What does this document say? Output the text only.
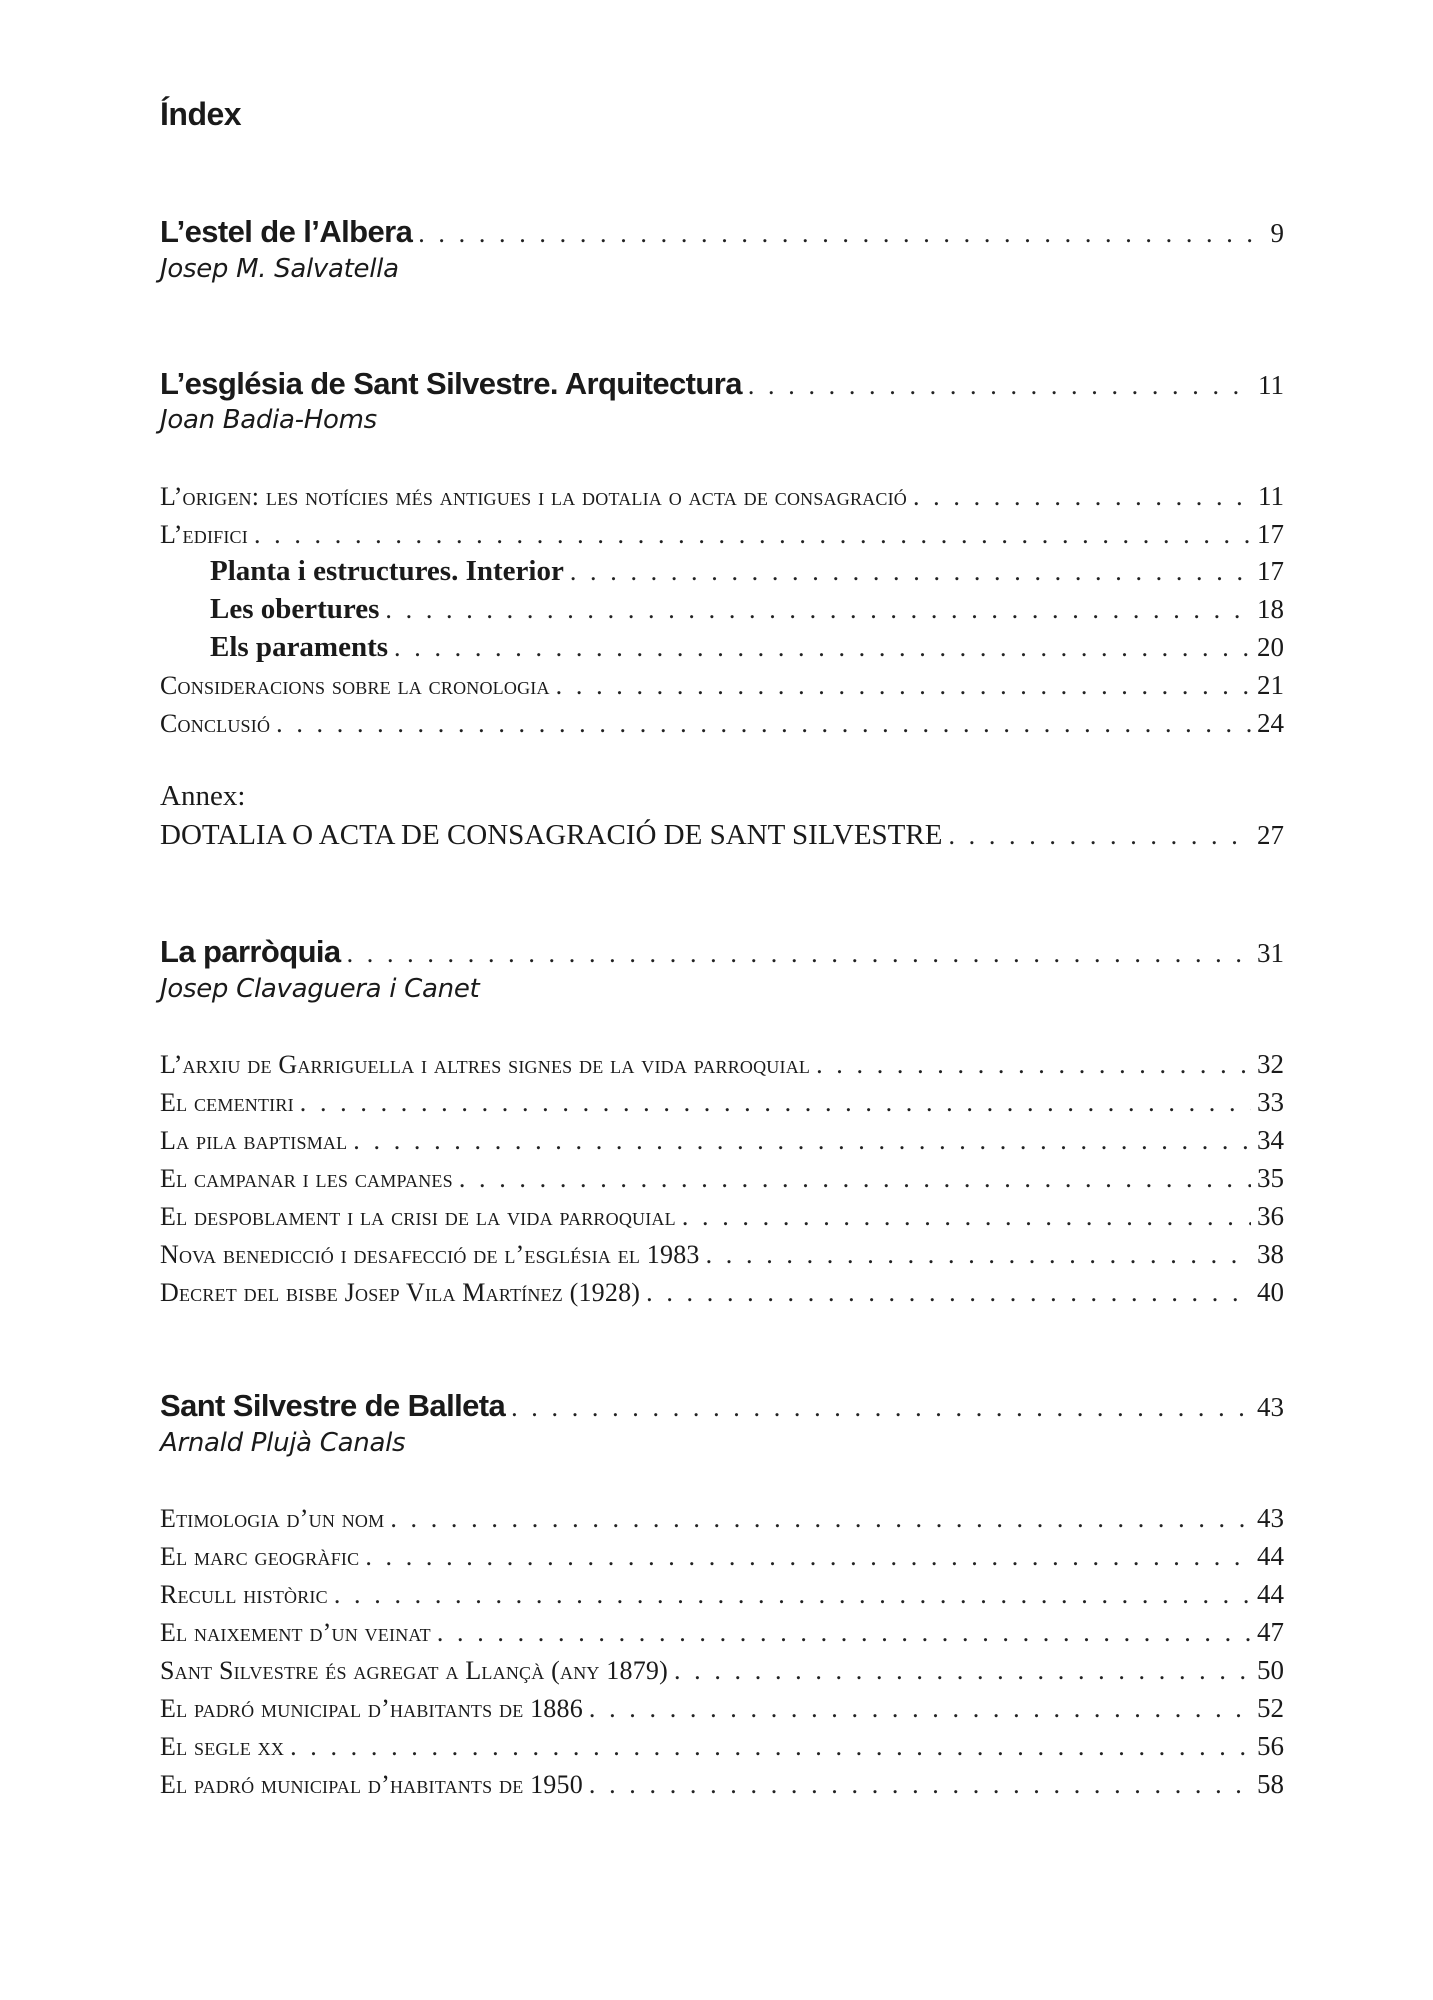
Índex
L’estel de l’Albera . . .	9
Josep M. Salvatella
L’església de Sant Silvestre. Arquitectura . . .	11
Joan Badia-Homs
L’origen: les notícies més antigues i la dotalia o acta de consagració . . .	11
L’edifici . . .	17
Planta i estructures. Interior . . .	17
Les obertures . . .	18
Els paraments . . .	20
Consideracions sobre la cronologia . . .	21
Conclusió . . .	24
Annex:
DOTALIA O ACTA DE CONSAGRACIÓ DE SANT SILVESTRE . . .	27
La parròquia . . .	31
Josep Clavaguera i Canet
L’arxiu de Garriguella i altres signes de la vida parroquial . . .	32
El cementiri . . .	33
La pila baptismal . . .	34
El campanar i les campanes . . .	35
El despoblament i la crisi de la vida parroquial . . .	36
Nova benedicció i desafecció de l’església el 1983 . . .	38
Decret del bisbe Josep Vila Martínez (1928) . . .	40
Sant Silvestre de Balleta . . .	43
Arnald Plujà Canals
Etimologia d’un nom . . .	43
El marc geogràfic . . .	44
Recull històric . . .	44
El naixement d’un veinat . . .	47
Sant Silvestre és agregat a Llançà (any 1879) . . .	50
El padró municipal d’habitants de 1886 . . .	52
El segle xx . . .	56
El padró municipal d’habitants de 1950 . . .	58
